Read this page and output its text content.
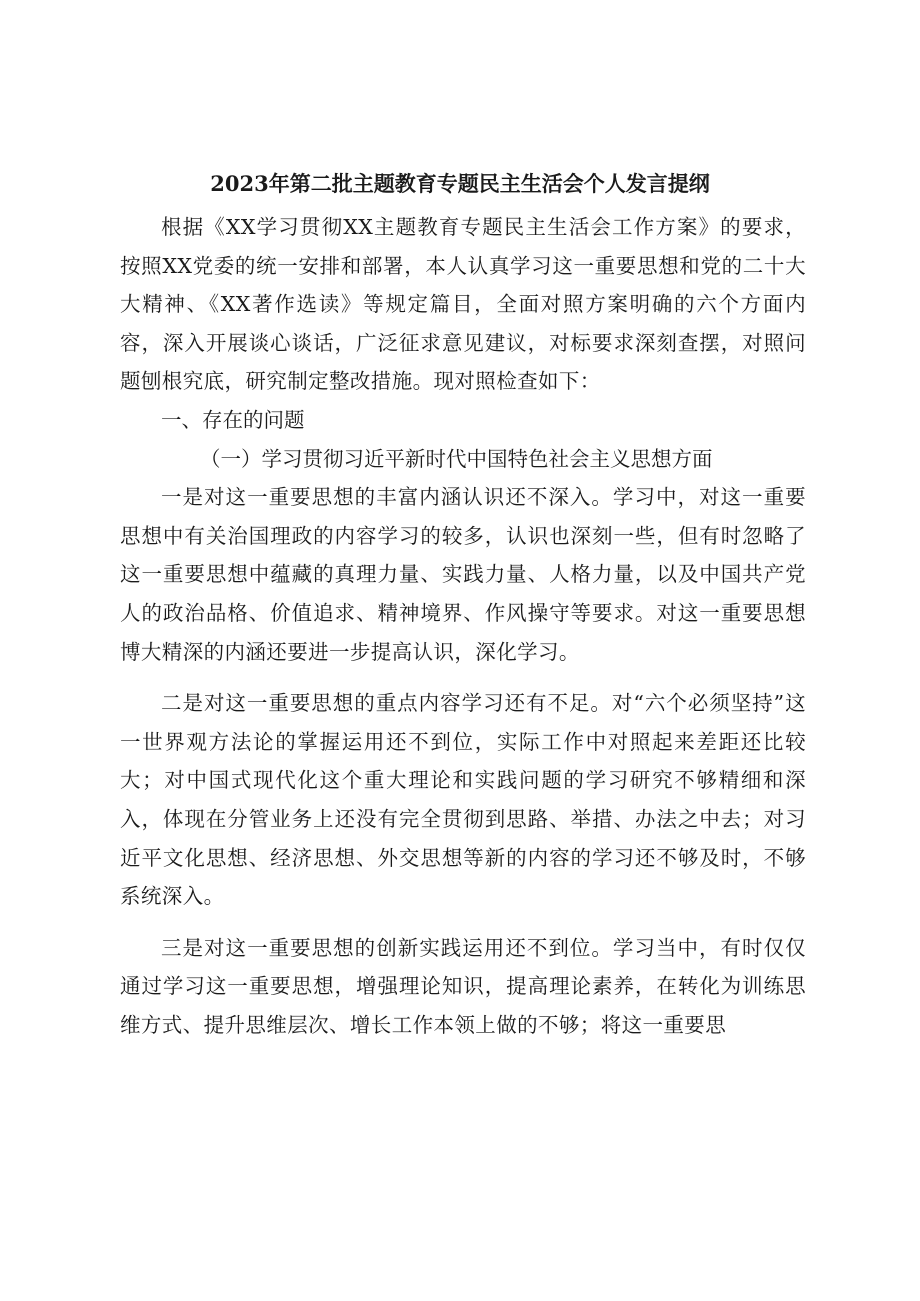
2023年第二批主题教育专题民主生活会个人发言提纲

根据《XX学习贯彻XX主题教育专题民主生活会工作方案》的要求，按照XX党委的统一安排和部署，本人认真学习这一重要思想和党的二十大大精神、《XX著作选读》等规定篇目，全面对照方案明确的六个方面内容，深入开展谈心谈话，广泛征求意见建议，对标要求深刻查摆，对照问题刨根究底，研究制定整改措施。现对照检查如下：

一、存在的问题

（一）学习贯彻习近平新时代中国特色社会主义思想方面

一是对这一重要思想的丰富内涵认识还不深入。学习中，对这一重要思想中有关治国理政的内容学习的较多，认识也深刻一些，但有时忽略了这一重要思想中蕴藏的真理力量、实践力量、人格力量，以及中国共产党人的政治品格、价值追求、精神境界、作风操守等要求。对这一重要思想博大精深的内涵还要进一步提高认识，深化学习。

二是对这一重要思想的重点内容学习还有不足。对“六个必须坚持”这一世界观方法论的掌握运用还不到位，实际工作中对照起来差距还比较大；对中国式现代化这个重大理论和实践问题的学习研究不够精细和深入，体现在分管业务上还没有完全贯彻到思路、举措、办法之中去；对习近平文化思想、经济思想、外交思想等新的内容的学习还不够及时，不够系统深入。

三是对这一重要思想的创新实践运用还不到位。学习当中，有时仅仅通过学习这一重要思想，增强理论知识，提高理论素养，在转化为训练思维方式、提升思维层次、增长工作本领上做的不够；将这一重要思
